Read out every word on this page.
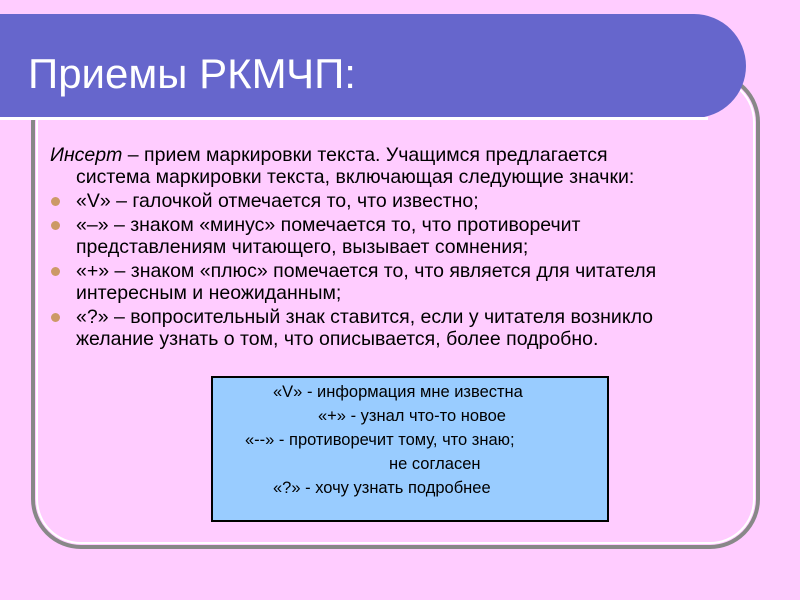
Приемы РКМЧП:

Инсерт – прием маркировки текста. Учащимся предлагается
система маркировки текста, включающая следующие значки:

«V» – галочкой отмечается то, что известно;
«–» – знаком «минус» помечается то, что противоречит
представлениям читающего, вызывает сомнения;
«+» – знаком «плюс» помечается то, что является для читателя
интересным и неожиданным;
«?» – вопросительный знак ставится, если у читателя возникло
желание узнать о том, что описывается, более подробно.
«V» - информация мне известна
«+» - узнал что-то новое
«--» - противоречит тому, что знаю;
не согласен
«?» - хочу узнать подробнее
